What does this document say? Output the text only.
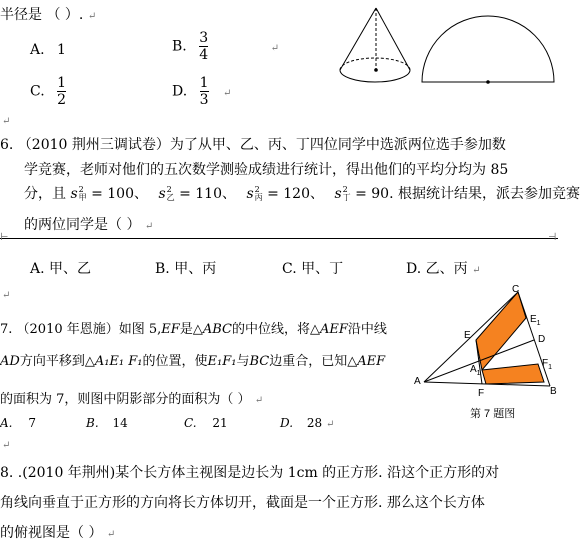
半径是 （ ）. ↵
A. 1	B. $\frac{3}{4}$	↵
C. $\frac{1}{2}$	D. $\frac{1}{3}$ ↵
↵
6. （2010 荆州三调试卷）为了从甲、乙、丙、丁四位同学中选派两位选手参加数
学竞赛，老师对他们的五次数学测验成绩进行统计，得出他们的平均分均为 85
分，且 s 2
甲 = 100、 s 2
乙 = 110、 s 2
丙 = 120、 s 2
丁 = 90. 根据统计结果，派去参加竞赛
的两位同学是（ ） ↵
⊢	⊣
A. 甲、乙	B. 甲、丙	C. 甲、丁	D. 乙、丙 ↵
↵
7. （2010 年恩施）如图 5,EF是△ABC的中位线，将△AEF沿中线
AD方向平移到△A₁E₁ F₁的位置，使E₁F₁与BC边重合，已知△AEF
的面积为 7，则图中阴影部分的面积为（ ） ↵
A. 7	B. 14	C. 21	D. 28 ↵
C
$E_1$
E	D
$A_1$
$F_1$
A
F	B
第 7 题图
↵
8. .(2010 年荆州)某个长方体主视图是边长为 1cm 的正方形. 沿这个正方形的对
角线向垂直于正方形的方向将长方体切开，截面是一个正方形. 那么这个长方体
的俯视图是（ ） ↵
